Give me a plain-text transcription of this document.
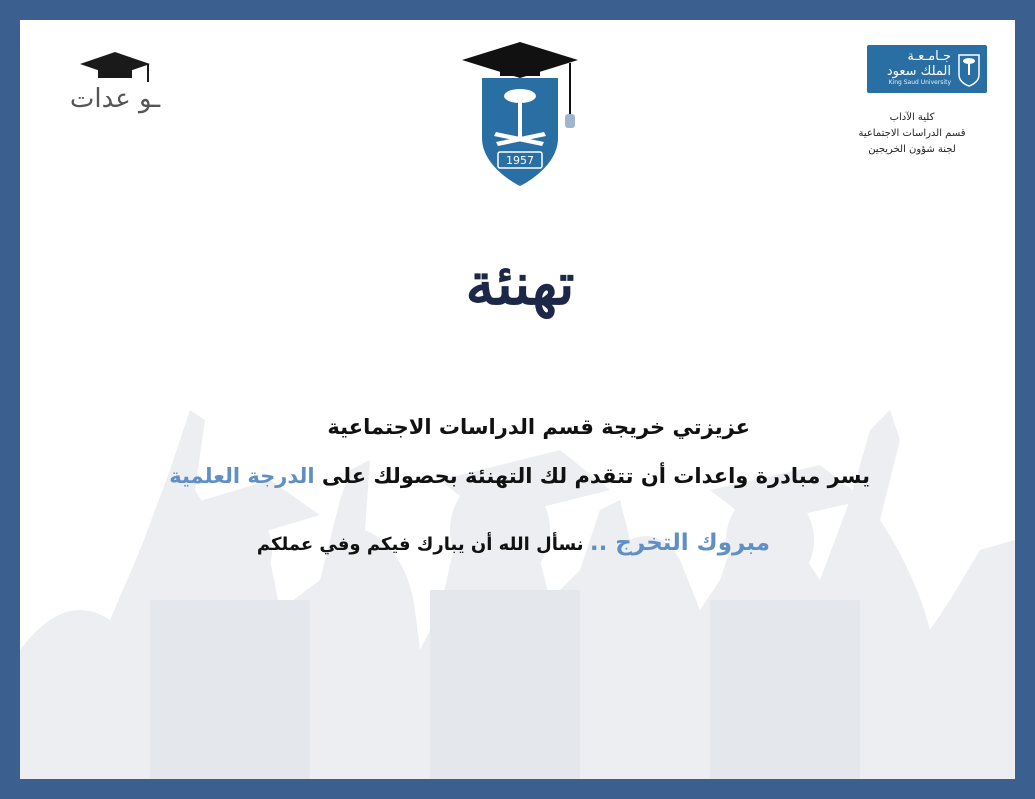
ـو عدات
1957
جـامـعـة
الملك سعود
King Saud University
كلية الآداب
قسم الدراسات الاجتماعية
لجنة شؤون الخريجين
تهنئة
عزيزتي خريجة قسم الدراسات الاجتماعية
يسر مبادرة واعدات أن تتقدم لك التهنئة بحصولك على الدرجة العلمية
مبروك التخرج .. نسأل الله أن يبارك فيكم وفي عملكم
